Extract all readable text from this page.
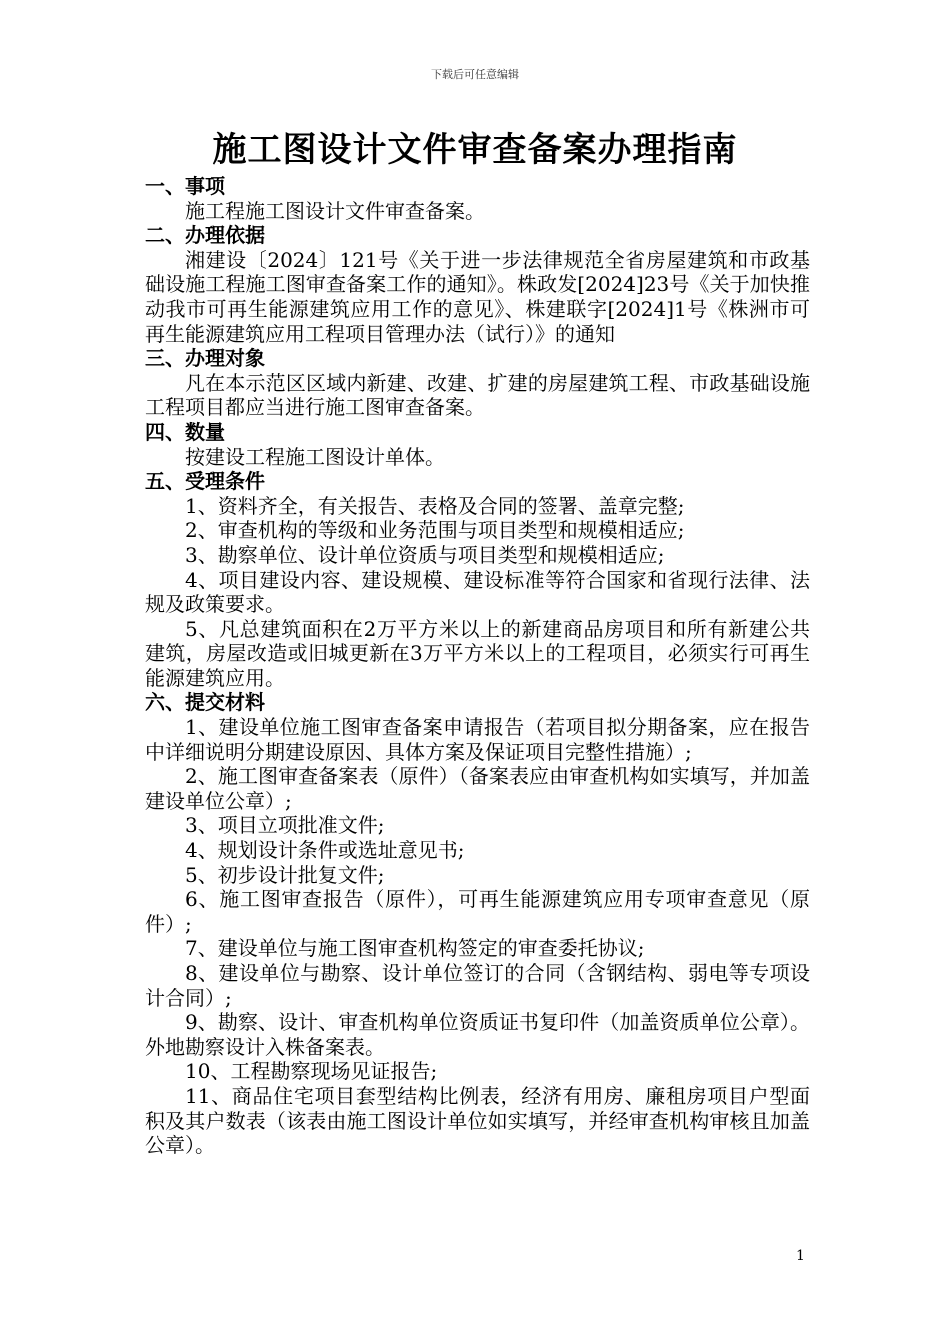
下载后可任意编辑
施工图设计文件审查备案办理指南

一、事项

施工程施工图设计文件审查备案。

二、办理依据

湘建设〔2024〕121号《关于进一步法律规范全省房屋建筑和市政基础设施工程施工图审查备案工作的通知》。株政发[2024]23号《关于加快推动我市可再生能源建筑应用工作的意见》、株建联字[2024]1号《株洲市可再生能源建筑应用工程项目管理办法（试行）》的通知

三、办理对象

凡在本示范区区域内新建、改建、扩建的房屋建筑工程、市政基础设施工程项目都应当进行施工图审查备案。

四、数量

按建设工程施工图设计单体。

五、受理条件

1、资料齐全，有关报告、表格及合同的签署、盖章完整;

2、审查机构的等级和业务范围与项目类型和规模相适应;

3、勘察单位、设计单位资质与项目类型和规模相适应;

4、项目建设内容、建设规模、建设标准等符合国家和省现行法律、法规及政策要求。

5、凡总建筑面积在2万平方米以上的新建商品房项目和所有新建公共建筑，房屋改造或旧城更新在3万平方米以上的工程项目，必须实行可再生能源建筑应用。

六、提交材料

1、建设单位施工图审查备案申请报告（若项目拟分期备案，应在报告中详细说明分期建设原因、具体方案及保证项目完整性措施）;

2、施工图审查备案表（原件）（备案表应由审查机构如实填写，并加盖建设单位公章）;

3、项目立项批准文件;

4、规划设计条件或选址意见书;

5、初步设计批复文件;

6、施工图审查报告（原件），可再生能源建筑应用专项审查意见（原件）;

7、建设单位与施工图审查机构签定的审查委托协议;

8、建设单位与勘察、设计单位签订的合同（含钢结构、弱电等专项设计合同）;

9、勘察、设计、审查机构单位资质证书复印件（加盖资质单位公章）。外地勘察设计入株备案表。

10、工程勘察现场见证报告;

11、商品住宅项目套型结构比例表，经济有用房、廉租房项目户型面积及其户数表（该表由施工图设计单位如实填写，并经审查机构审核且加盖公章）。

1
